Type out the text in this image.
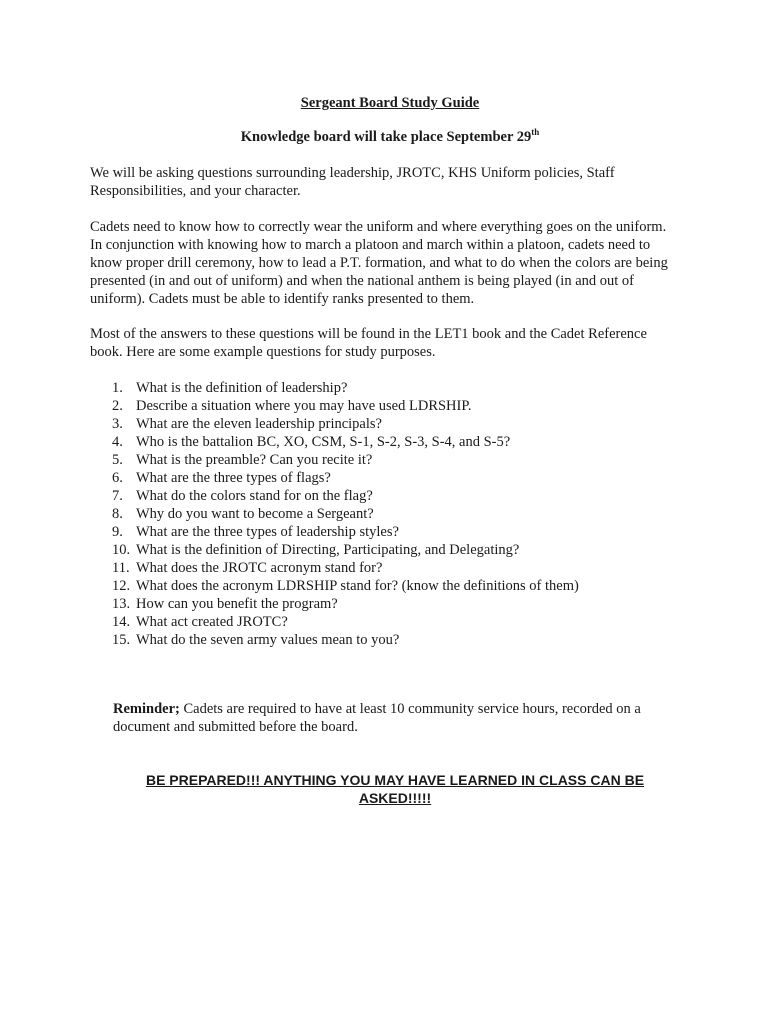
Sergeant Board Study Guide
Knowledge board will take place September 29th

We will be asking questions surrounding leadership, JROTC, KHS Uniform policies, Staff Responsibilities, and your character.

Cadets need to know how to correctly wear the uniform and where everything goes on the uniform. In conjunction with knowing how to march a platoon and march within a platoon, cadets need to know proper drill ceremony, how to lead a P.T. formation, and what to do when the colors are being presented (in and out of uniform) and when the national anthem is being played (in and out of uniform). Cadets must be able to identify ranks presented to them.

Most of the answers to these questions will be found in the LET1 book and the Cadet Reference book. Here are some example questions for study purposes.

1. What is the definition of leadership?
2. Describe a situation where you may have used LDRSHIP.
3. What are the eleven leadership principals?
4. Who is the battalion BC, XO, CSM, S-1, S-2, S-3, S-4, and S-5?
5. What is the preamble? Can you recite it?
6. What are the three types of flags?
7. What do the colors stand for on the flag?
8. Why do you want to become a Sergeant?
9. What are the three types of leadership styles?
10. What is the definition of Directing, Participating, and Delegating?
11. What does the JROTC acronym stand for?
12. What does the acronym LDRSHIP stand for? (know the definitions of them)
13. How can you benefit the program?
14. What act created JROTC?
15. What do the seven army values mean to you?

Reminder; Cadets are required to have at least 10 community service hours, recorded on a document and submitted before the board.

BE PREPARED!!! ANYTHING YOU MAY HAVE LEARNED IN CLASS CAN BE ASKED!!!!!
